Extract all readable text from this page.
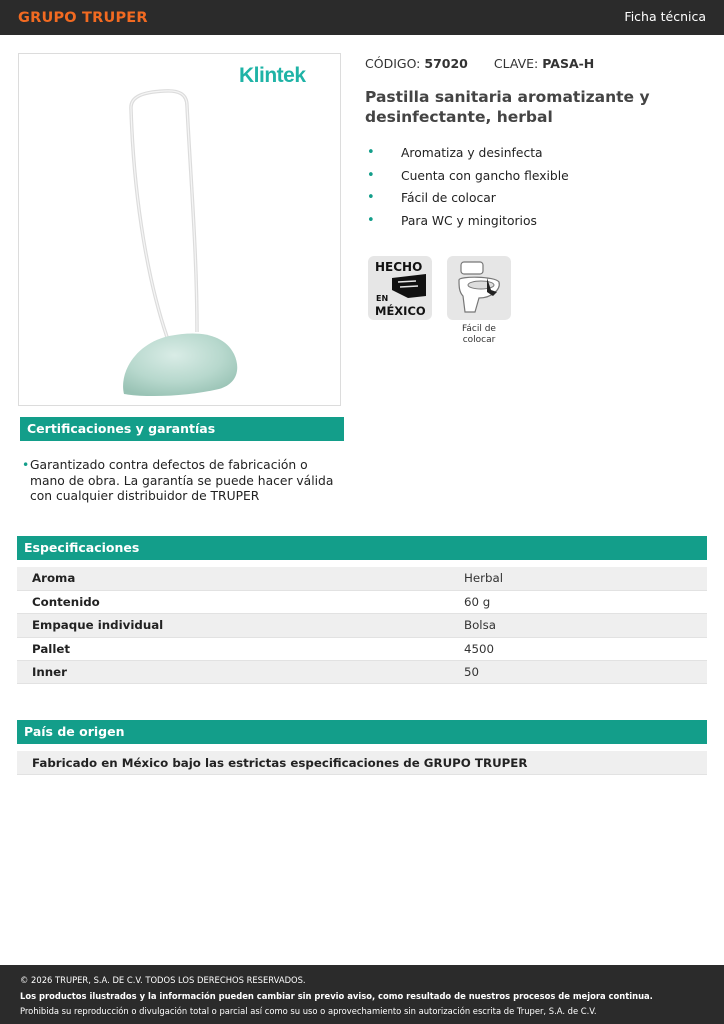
GRUPO TRUPER	Ficha técnica
Klintek
CÓDIGO: 57020 CLAVE: PASA-H
Pastilla sanitaria aromatizante y desinfectante, herbal
• Aromatiza y desinfecta
• Cuenta con gancho flexible
• Fácil de colocar
• Para WC y mingitorios
HECHO
EN
MÉXICO
Fácil de
colocar
Certificaciones y garantías
• Garantizado contra defectos de fabricación o mano de obra. La garantía se puede hacer válida con cualquier distribuidor de TRUPER
Especificaciones
Aroma	Herbal
Contenido	60 g
Empaque individual	Bolsa
Pallet	4500
Inner	50
País de origen
Fabricado en México bajo las estrictas especificaciones de GRUPO TRUPER
© 2026 TRUPER, S.A. DE C.V. TODOS LOS DERECHOS RESERVADOS.
Los productos ilustrados y la información pueden cambiar sin previo aviso, como resultado de nuestros procesos de mejora continua.
Prohibida su reproducción o divulgación total o parcial así como su uso o aprovechamiento sin autorización escrita de Truper, S.A. de C.V.
